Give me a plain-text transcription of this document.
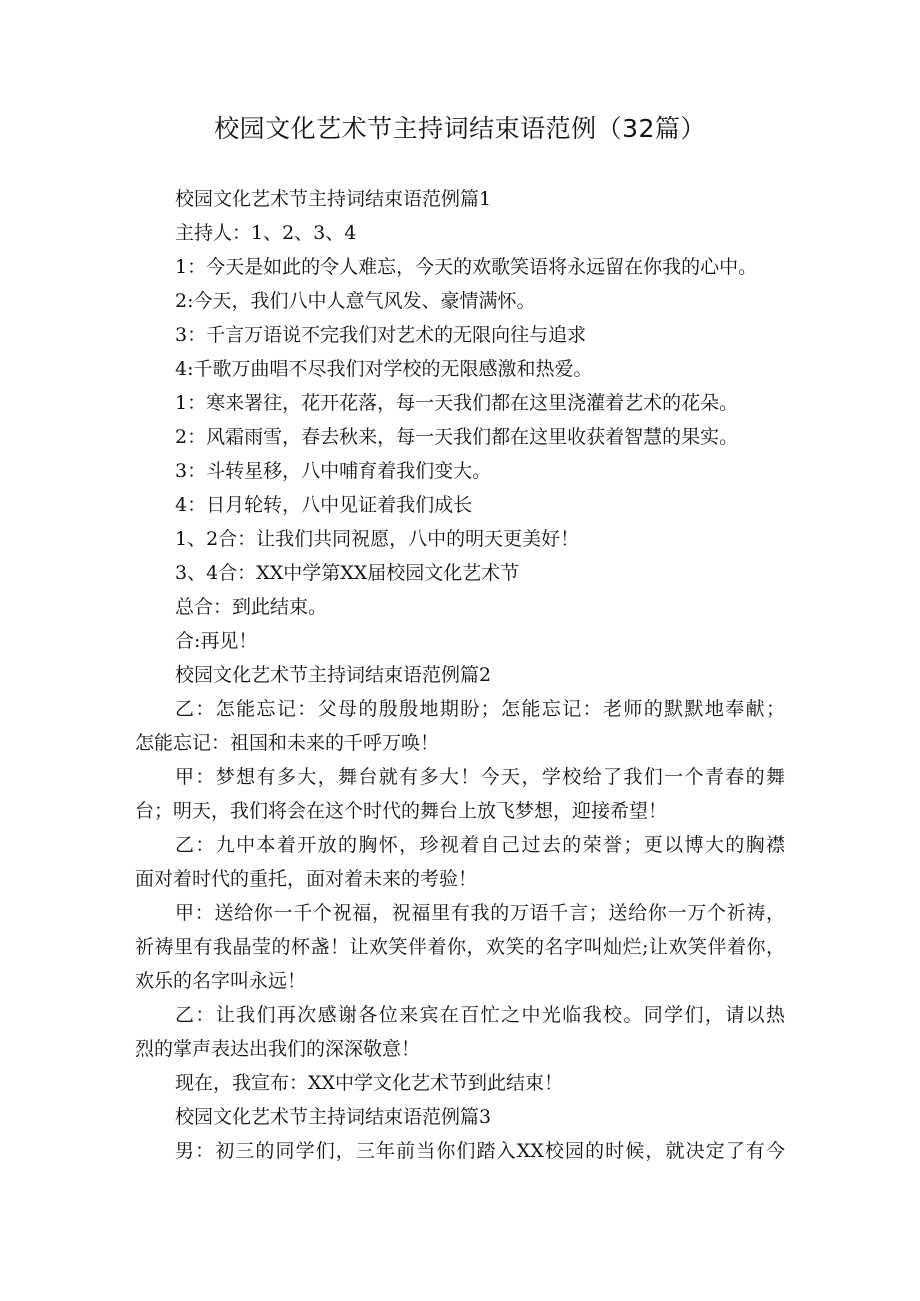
校园文化艺术节主持词结束语范例（32篇）
校园文化艺术节主持词结束语范例篇1
主持人：1、2、3、4
1：今天是如此的令人难忘，今天的欢歌笑语将永远留在你我的心中。
2:今天，我们八中人意气风发、豪情满怀。
3：千言万语说不完我们对艺术的无限向往与追求
4:千歌万曲唱不尽我们对学校的无限感激和热爱。
1：寒来署往，花开花落，每一天我们都在这里浇灌着艺术的花朵。
2：风霜雨雪，春去秋来，每一天我们都在这里收获着智慧的果实。
3：斗转星移，八中哺育着我们变大。
4：日月轮转，八中见证着我们成长
1、2合：让我们共同祝愿，八中的明天更美好！
3、4合：XX中学第XX届校园文化艺术节
总合：到此结束。
合:再见！
校园文化艺术节主持词结束语范例篇2
乙：怎能忘记：父母的殷殷地期盼；怎能忘记：老师的默默地奉献；
怎能忘记：祖国和未来的千呼万唤！
甲：梦想有多大，舞台就有多大！今天，学校给了我们一个青春的舞
台；明天，我们将会在这个时代的舞台上放飞梦想，迎接希望！
乙：九中本着开放的胸怀，珍视着自己过去的荣誉；更以博大的胸襟
面对着时代的重托，面对着未来的考验！
甲：送给你一千个祝福，祝福里有我的万语千言；送给你一万个祈祷，
祈祷里有我晶莹的杯盏！让欢笑伴着你，欢笑的名字叫灿烂;让欢笑伴着你，
欢乐的名字叫永远！
乙：让我们再次感谢各位来宾在百忙之中光临我校。同学们，请以热
烈的掌声表达出我们的深深敬意！
现在，我宣布：XX中学文化艺术节到此结束！
校园文化艺术节主持词结束语范例篇3
男：初三的同学们，三年前当你们踏入XX校园的时候，就决定了有今
